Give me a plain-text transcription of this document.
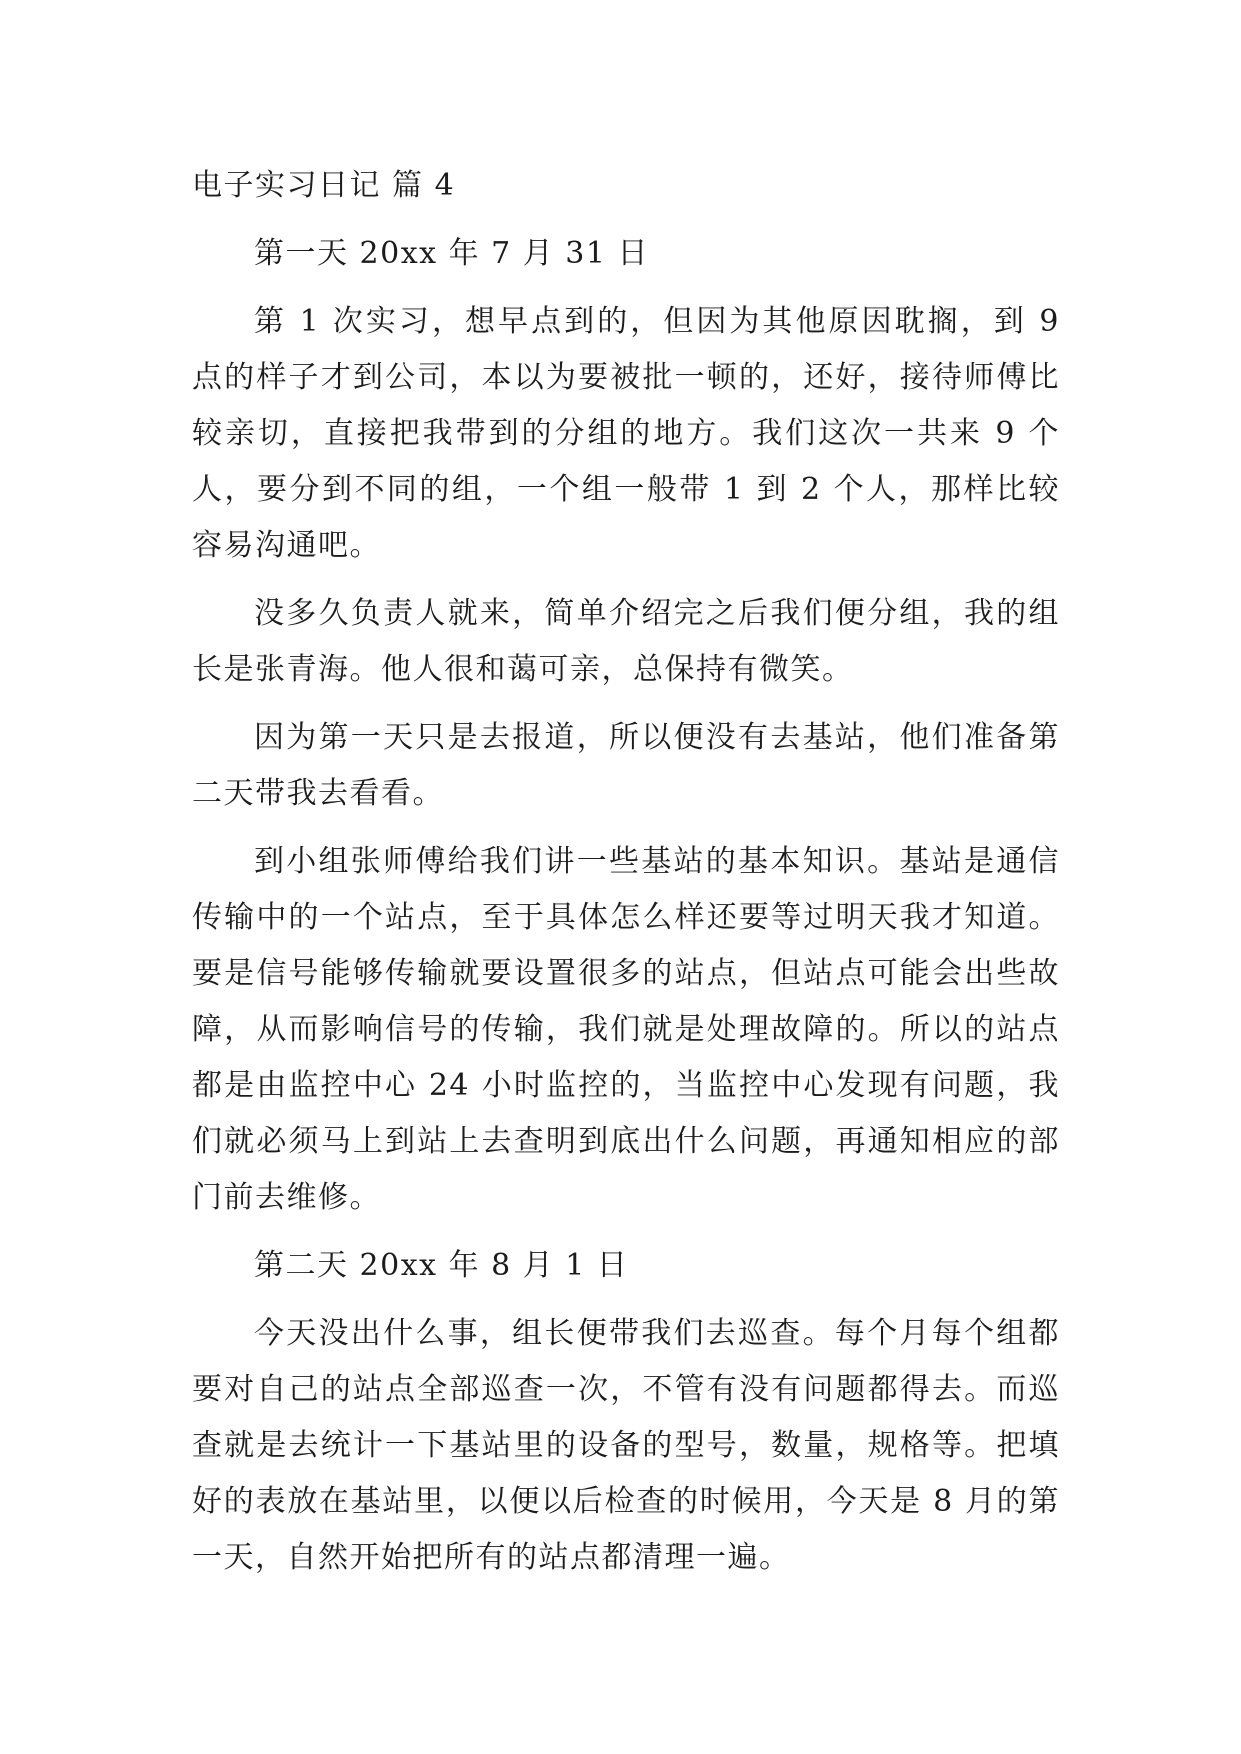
电子实习日记 篇 4

第一天 20xx 年 7 月 31 日

第 1 次实习，想早点到的，但因为其他原因耽搁，到 9 点的样子才到公司，本以为要被批一顿的，还好，接待师傅比较亲切，直接把我带到的分组的地方。我们这次一共来 9 个人，要分到不同的组，一个组一般带 1 到 2 个人，那样比较容易沟通吧。

没多久负责人就来，简单介绍完之后我们便分组，我的组长是张青海。他人很和蔼可亲，总保持有微笑。

因为第一天只是去报道，所以便没有去基站，他们准备第二天带我去看看。

到小组张师傅给我们讲一些基站的基本知识。基站是通信传输中的一个站点，至于具体怎么样还要等过明天我才知道。要是信号能够传输就要设置很多的站点，但站点可能会出些故障，从而影响信号的传输，我们就是处理故障的。所以的站点都是由监控中心 24 小时监控的，当监控中心发现有问题，我们就必须马上到站上去查明到底出什么问题，再通知相应的部门前去维修。

第二天 20xx 年 8 月 1 日

今天没出什么事，组长便带我们去巡查。每个月每个组都要对自己的站点全部巡查一次，不管有没有问题都得去。而巡查就是去统计一下基站里的设备的型号，数量，规格等。把填好的表放在基站里，以便以后检查的时候用，今天是 8 月的第一天，自然开始把所有的站点都清理一遍。
